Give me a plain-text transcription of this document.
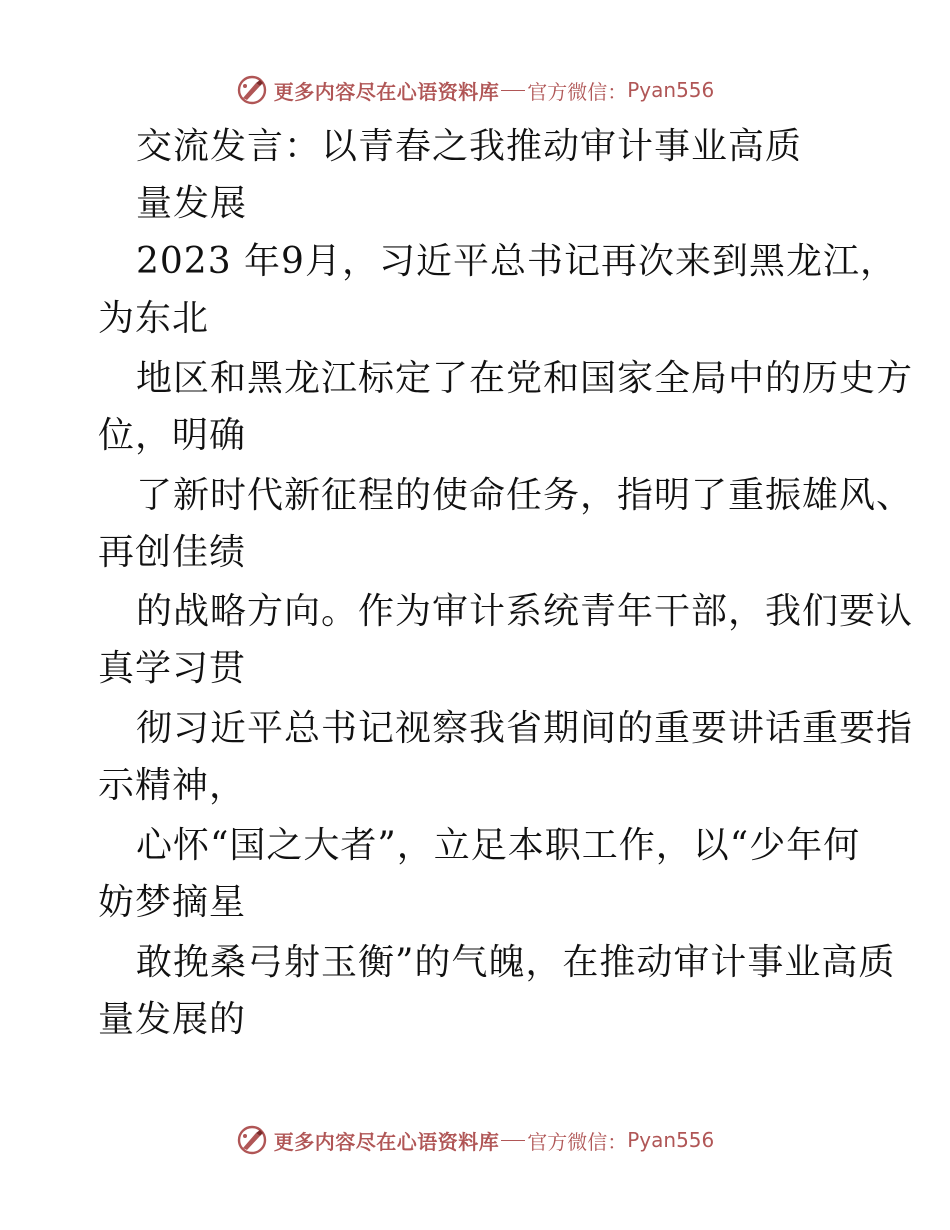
更多内容尽在心语资料库 官方微信： Pyan556
交流发言：以青春之我推动审计事业高质
量发展
2023 年9月，习近平总书记再次来到黑龙江，
为东北
地区和黑龙江标定了在党和国家全局中的历史方
位，明确
了新时代新征程的使命任务，指明了重振雄风、
再创佳绩
的战略方向。作为审计系统青年干部，我们要认
真学习贯
彻习近平总书记视察我省期间的重要讲话重要指
示精神，
心怀“国之大者”，立足本职工作，以“少年何
妨梦摘星
敢挽桑弓射玉衡”的气魄，在推动审计事业高质
量发展的
更多内容尽在心语资料库 官方微信： Pyan556
